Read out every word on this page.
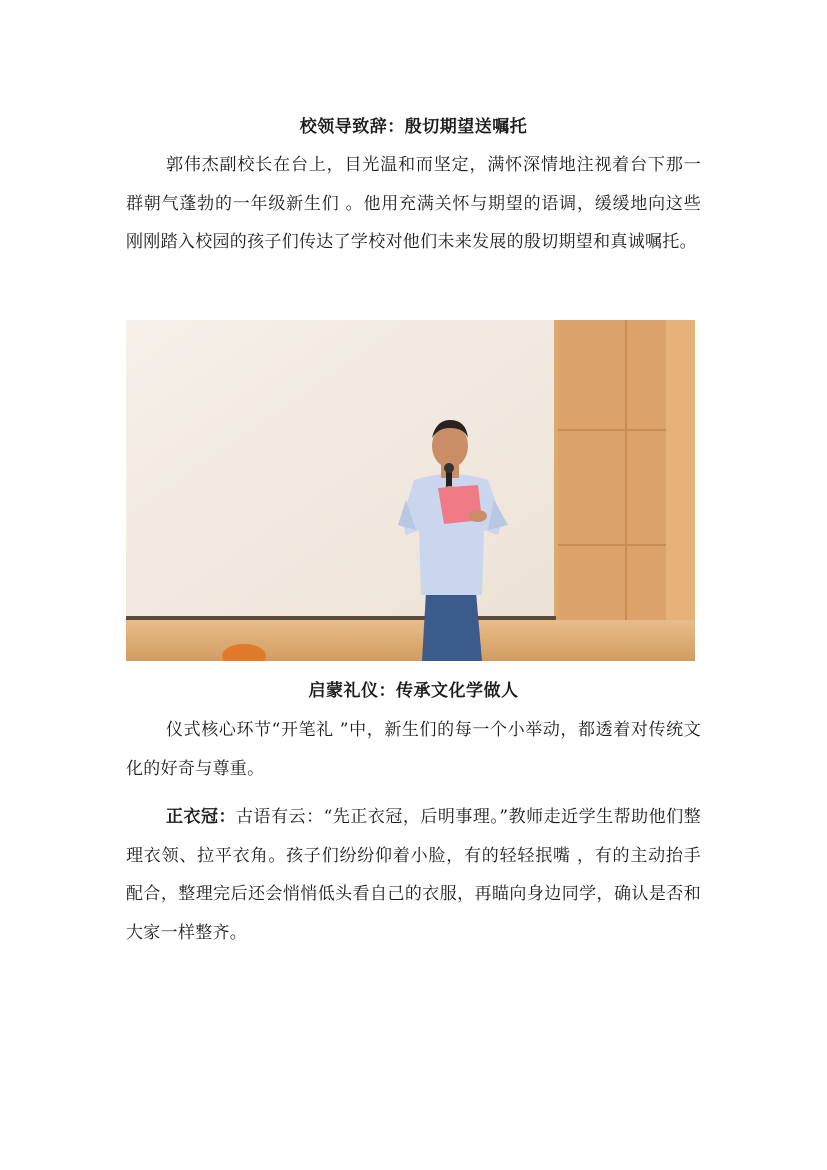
校领导致辞：殷切期望送嘱托

郭伟杰副校长在台上，目光温和而坚定，满怀深情地注视着台下那一群朝气蓬勃的一年级新生们 。他用充满关怀与期望的语调，缓缓地向这些刚刚踏入校园的孩子们传达了学校对他们未来发展的殷切期望和真诚嘱托。

启蒙礼仪：传承文化学做人

仪式核心环节“开笔礼 ”中，新生们的每一个小举动，都透着对传统文化的好奇与尊重。

正衣冠：古语有云：“先正衣冠，后明事理。”教师走近学生帮助他们整理衣领、拉平衣角。孩子们纷纷仰着小脸，有的轻轻抿嘴 ，有的主动抬手配合，整理完后还会悄悄低头看自己的衣服，再瞄向身边同学，确认是否和大家一样整齐。
